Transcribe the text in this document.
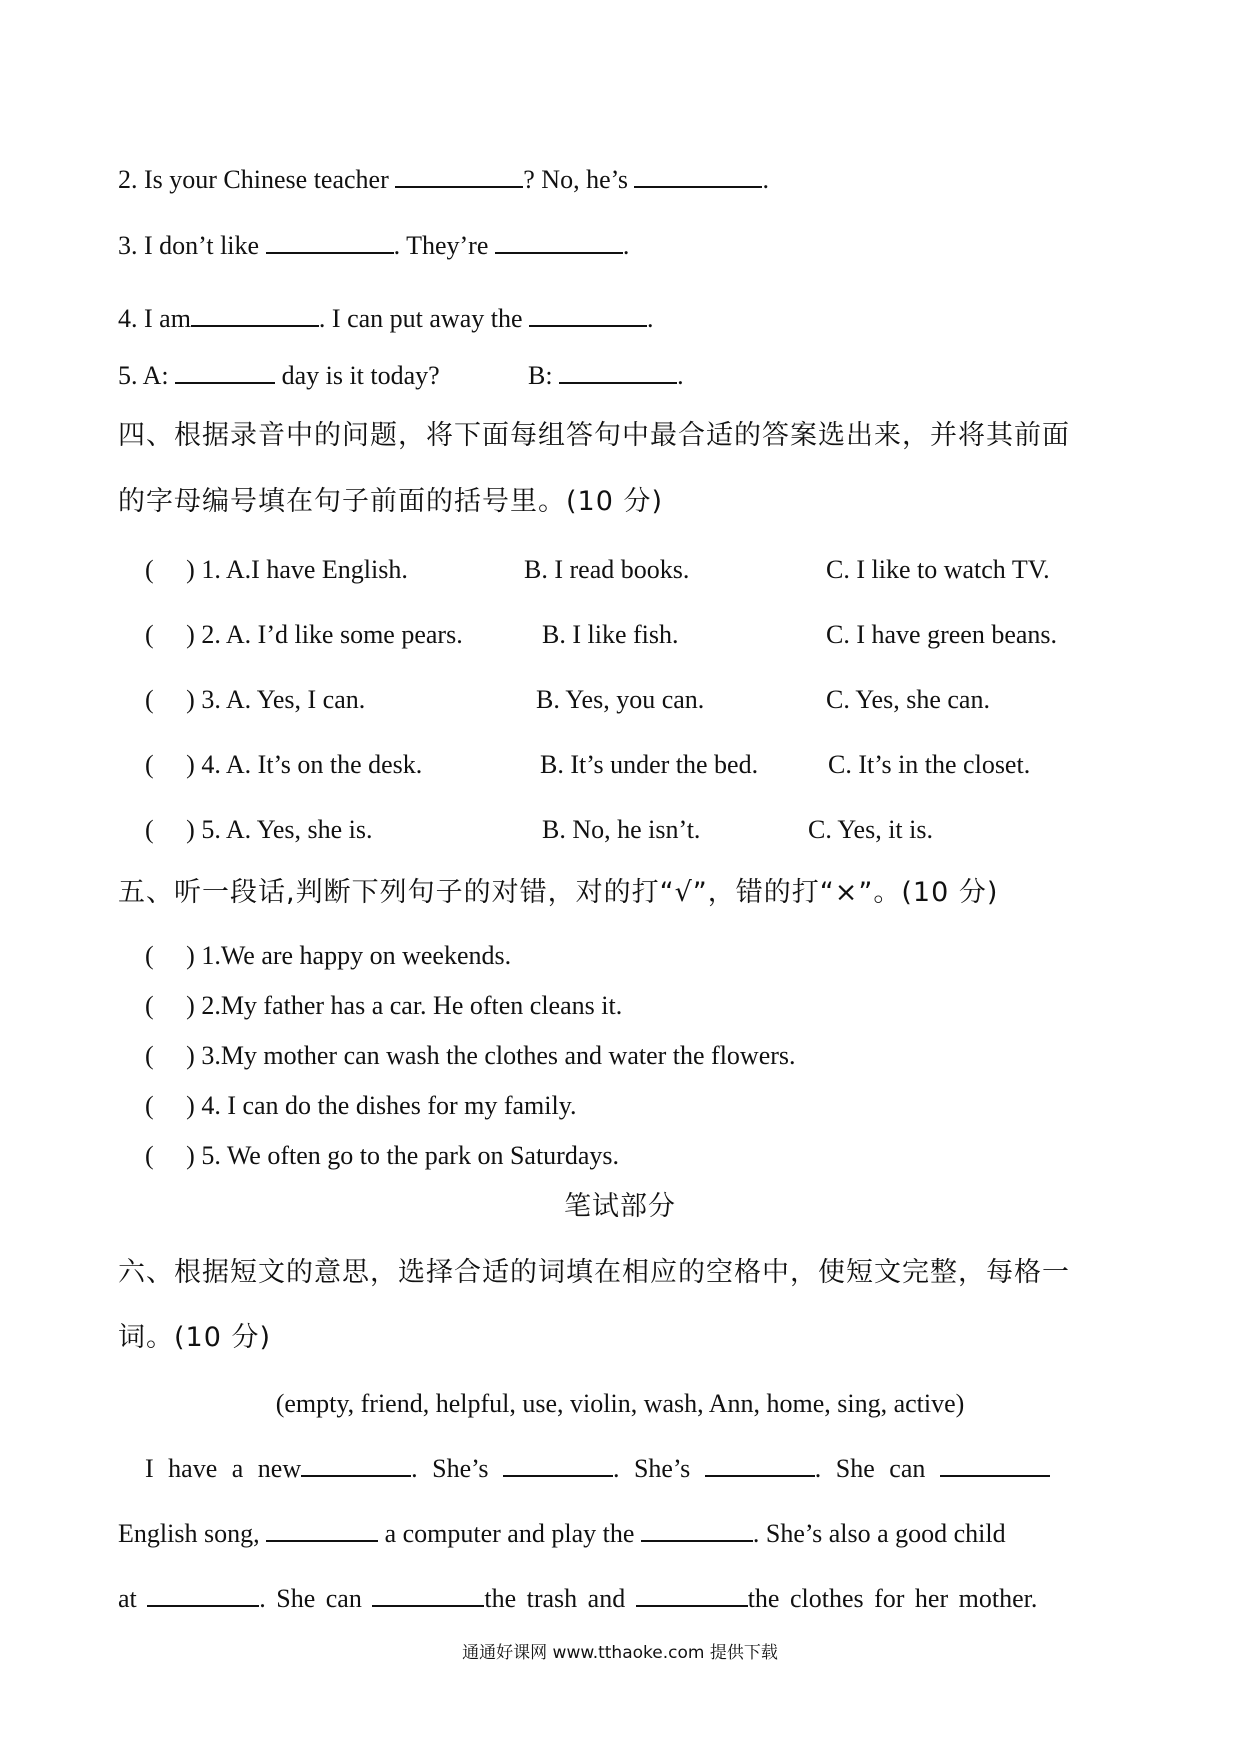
2. Is your Chinese teacher	? No, he’s	.
3. I don’t like	. They’re	.
4. I am	. I can put away the	.
5. A:	day is it today?	B:	.
四、根据录音中的问题，将下面每组答句中最合适的答案选出来，并将其前面
的字母编号填在句子前面的括号里。(10 分)
(     ) 1. A.I have English.	B. I read books.	C. I like to watch TV.
(     ) 2. A. I’d like some pears.	B. I like fish.	C. I have green beans.
(     ) 3. A. Yes, I can.	B. Yes, you can.	C. Yes, she can.
(     ) 4. A. It’s on the desk.	B. It’s under the bed.	C. It’s in the closet.
(     ) 5. A. Yes, she is.	B. No, he isn’t.	C. Yes, it is.
五、听一段话,判断下列句子的对错，对的打“√”，错的打“×”。(10 分)
(     ) 1.We are happy on weekends.
(     ) 2.My father has a car. He often cleans it.
(     ) 3.My mother can wash the clothes and water the flowers.
(     ) 4. I can do the dishes for my family.
(     ) 5. We often go to the park on Saturdays.
笔试部分
六、根据短文的意思，选择合适的词填在相应的空格中，使短文完整，每格一
词。(10 分)
(empty, friend, helpful, use, violin, wash, Ann, home, sing, active)
I have a new	. She’s	. She’s	. She can
English song,	a computer and play the	. She’s also a good child
at	. She can	the trash and	the clothes for her mother.
通通好课网 www.tthaoke.com 提供下载
